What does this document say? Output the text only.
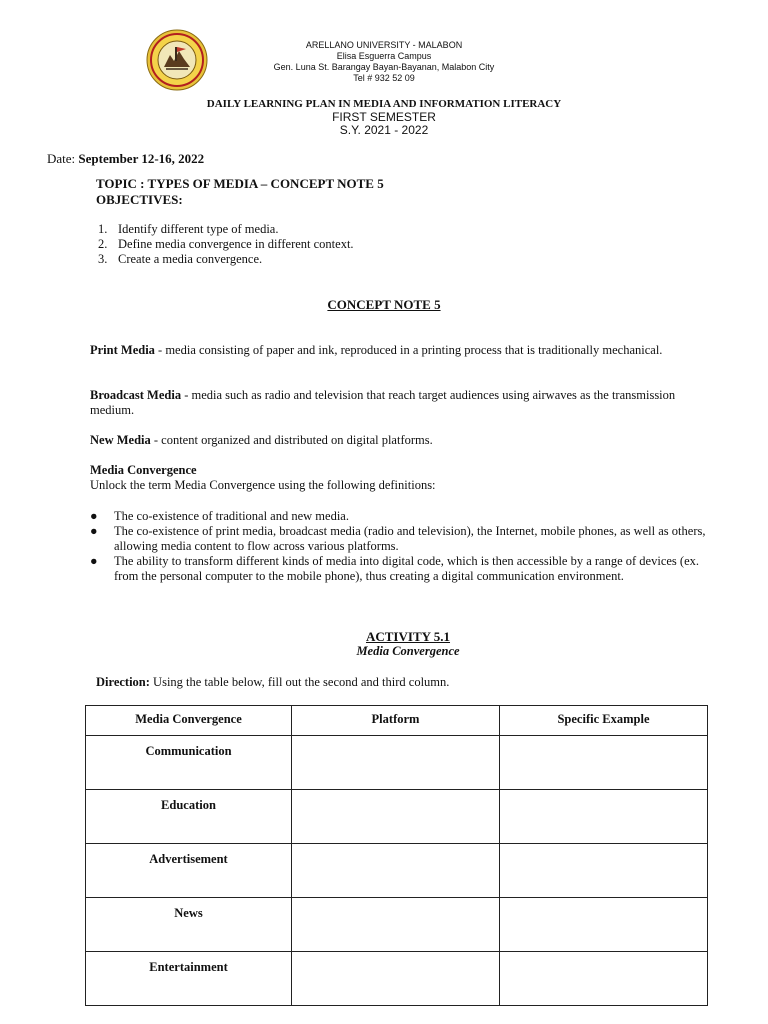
ARELLANO UNIVERSITY - MALABON
Elisa Esguerra Campus
Gen. Luna St. Barangay Bayan-Bayanan, Malabon City
Tel # 932 52 09
DAILY LEARNING PLAN IN MEDIA AND INFORMATION LITERACY
FIRST SEMESTER
S.Y. 2021 - 2022
Date: September 12-16, 2022
TOPIC : TYPES OF MEDIA – CONCEPT NOTE 5
OBJECTIVES:
1. Identify different type of media.
2. Define media convergence in different context.
3. Create a media convergence.
CONCEPT NOTE 5
Print Media - media consisting of paper and ink, reproduced in a printing process that is traditionally mechanical.
Broadcast Media - media such as radio and television that reach target audiences using airwaves as the transmission medium.
New Media - content organized and distributed on digital platforms.
Media Convergence
Unlock the term Media Convergence using the following definitions:
● The co-existence of traditional and new media.
● The co-existence of print media, broadcast media (radio and television), the Internet, mobile phones, as well as others, allowing media content to flow across various platforms.
● The ability to transform different kinds of media into digital code, which is then accessible by a range of devices (ex. from the personal computer to the mobile phone), thus creating a digital communication environment.
ACTIVITY 5.1
Media Convergence
Direction: Using the table below, fill out the second and third column.
Media Convergence	Platform	Specific Example
Communication		
Education		
Advertisement		
News		
Entertainment		
